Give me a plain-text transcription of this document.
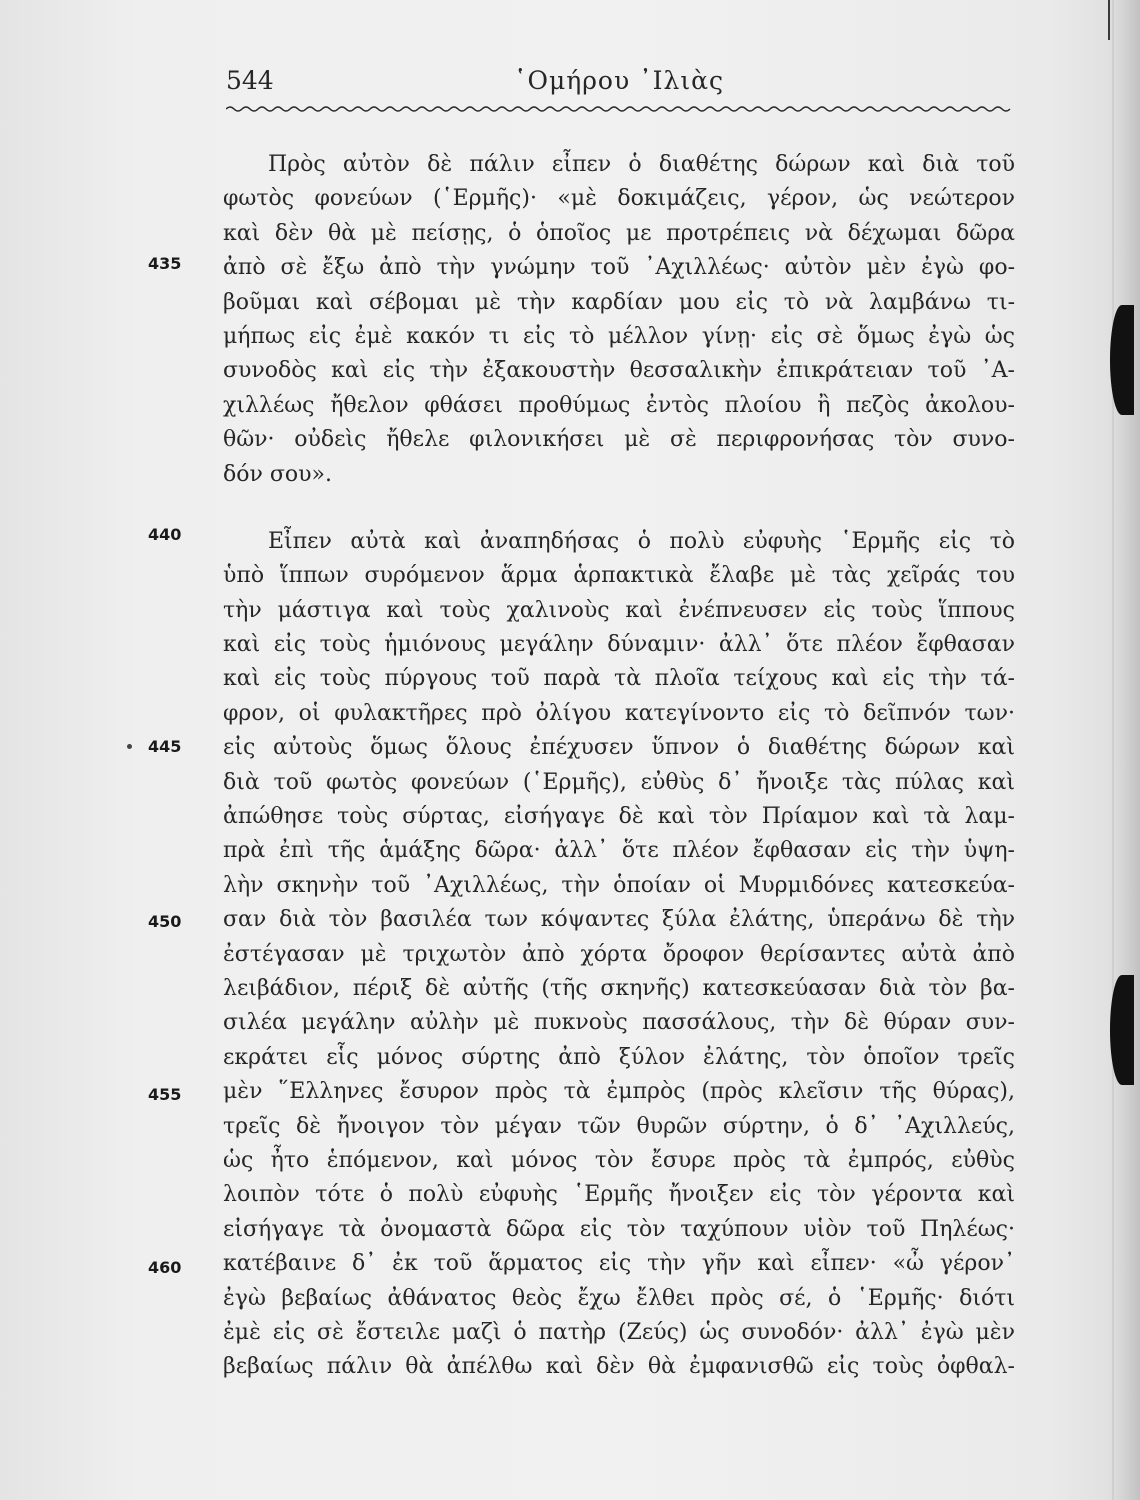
544	῾Ομήρου ᾿Ιλιὰς
Πρὸς αὐτὸν δὲ πάλιν εἶπεν ὁ διαθέτης δώρων καὶ διὰ τοῦ
φωτὸς φονεύων (῾Ερμῆς)· «μὲ δοκιμάζεις, γέρον, ὡς νεώτερον
καὶ δὲν θὰ μὲ πείσῃς, ὁ ὁποῖος με προτρέπεις νὰ δέχωμαι δῶρα
ἀπὸ σὲ ἔξω ἀπὸ τὴν γνώμην τοῦ ᾿Αχιλλέως· αὐτὸν μὲν ἐγὼ φο-
βοῦμαι καὶ σέβομαι μὲ τὴν καρδίαν μου εἰς τὸ νὰ λαμβάνω τι-
μήπως εἰς ἐμὲ κακόν τι εἰς τὸ μέλλον γίνῃ· εἰς σὲ ὅμως ἐγὼ ὡς
συνοδὸς καὶ εἰς τὴν ἐξακουστὴν θεσσαλικὴν ἐπικράτειαν τοῦ ᾿Α-
χιλλέως ἤθελον φθάσει προθύμως ἐντὸς πλοίου ἢ πεζὸς ἀκολου-
θῶν· οὐδεὶς ἤθελε φιλονικήσει μὲ σὲ περιφρονήσας τὸν συνο-
δόν σου».
Εἶπεν αὐτὰ καὶ ἀναπηδήσας ὁ πολὺ εὐφυὴς ῾Ερμῆς εἰς τὸ
ὑπὸ ἵππων συρόμενον ἅρμα ἁρπακτικὰ ἔλαβε μὲ τὰς χεῖράς του
τὴν μάστιγα καὶ τοὺς χαλινοὺς καὶ ἐνέπνευσεν εἰς τοὺς ἵππους
καὶ εἰς τοὺς ἡμιόνους μεγάλην δύναμιν· ἀλλ᾿ ὅτε πλέον ἔφθασαν
καὶ εἰς τοὺς πύργους τοῦ παρὰ τὰ πλοῖα τείχους καὶ εἰς τὴν τά-
φρον, οἱ φυλακτῆρες πρὸ ὀλίγου κατεγίνοντο εἰς τὸ δεῖπνόν των·
εἰς αὐτοὺς ὅμως ὅλους ἐπέχυσεν ὕπνον ὁ διαθέτης δώρων καὶ
διὰ τοῦ φωτὸς φονεύων (῾Ερμῆς), εὐθὺς δ᾿ ἤνοιξε τὰς πύλας καὶ
ἀπώθησε τοὺς σύρτας, εἰσήγαγε δὲ καὶ τὸν Πρίαμον καὶ τὰ λαμ-
πρὰ ἐπὶ τῆς ἁμάξης δῶρα· ἀλλ᾿ ὅτε πλέον ἔφθασαν εἰς τὴν ὑψη-
λὴν σκηνὴν τοῦ ᾿Αχιλλέως, τὴν ὁποίαν οἱ Μυρμιδόνες κατεσκεύα-
σαν διὰ τὸν βασιλέα των κόψαντες ξύλα ἐλάτης, ὑπεράνω δὲ τὴν
ἐστέγασαν μὲ τριχωτὸν ἀπὸ χόρτα ὄροφον θερίσαντες αὐτὰ ἀπὸ
λειβάδιον, πέριξ δὲ αὐτῆς (τῆς σκηνῆς) κατεσκεύασαν διὰ τὸν βα-
σιλέα μεγάλην αὐλὴν μὲ πυκνοὺς πασσάλους, τὴν δὲ θύραν συν-
εκράτει εἷς μόνος σύρτης ἀπὸ ξύλον ἐλάτης, τὸν ὁποῖον τρεῖς
μὲν ῞Ελληνες ἔσυρον πρὸς τὰ ἐμπρὸς (πρὸς κλεῖσιν τῆς θύρας),
τρεῖς δὲ ἤνοιγον τὸν μέγαν τῶν θυρῶν σύρτην, ὁ δ᾿ ᾿Αχιλλεύς,
ὡς ἦτο ἑπόμενον, καὶ μόνος τὸν ἔσυρε πρὸς τὰ ἐμπρός, εὐθὺς
λοιπὸν τότε ὁ πολὺ εὐφυὴς ῾Ερμῆς ἤνοιξεν εἰς τὸν γέροντα καὶ
εἰσήγαγε τὰ ὀνομαστὰ δῶρα εἰς τὸν ταχύπουν υἱὸν τοῦ Πηλέως·
κατέβαινε δ᾿ ἐκ τοῦ ἅρματος εἰς τὴν γῆν καὶ εἶπεν· «ὦ γέρον᾿
ἐγὼ βεβαίως ἀθάνατος θεὸς ἔχω ἔλθει πρὸς σέ, ὁ ῾Ερμῆς· διότι
ἐμὲ εἰς σὲ ἔστειλε μαζὶ ὁ πατὴρ (Ζεύς) ὡς συνοδόν· ἀλλ᾿ ἐγὼ μὲν
βεβαίως πάλιν θὰ ἀπέλθω καὶ δὲν θὰ ἐμφανισθῶ εἰς τοὺς ὀφθαλ-
435
440
445
450
455
460
